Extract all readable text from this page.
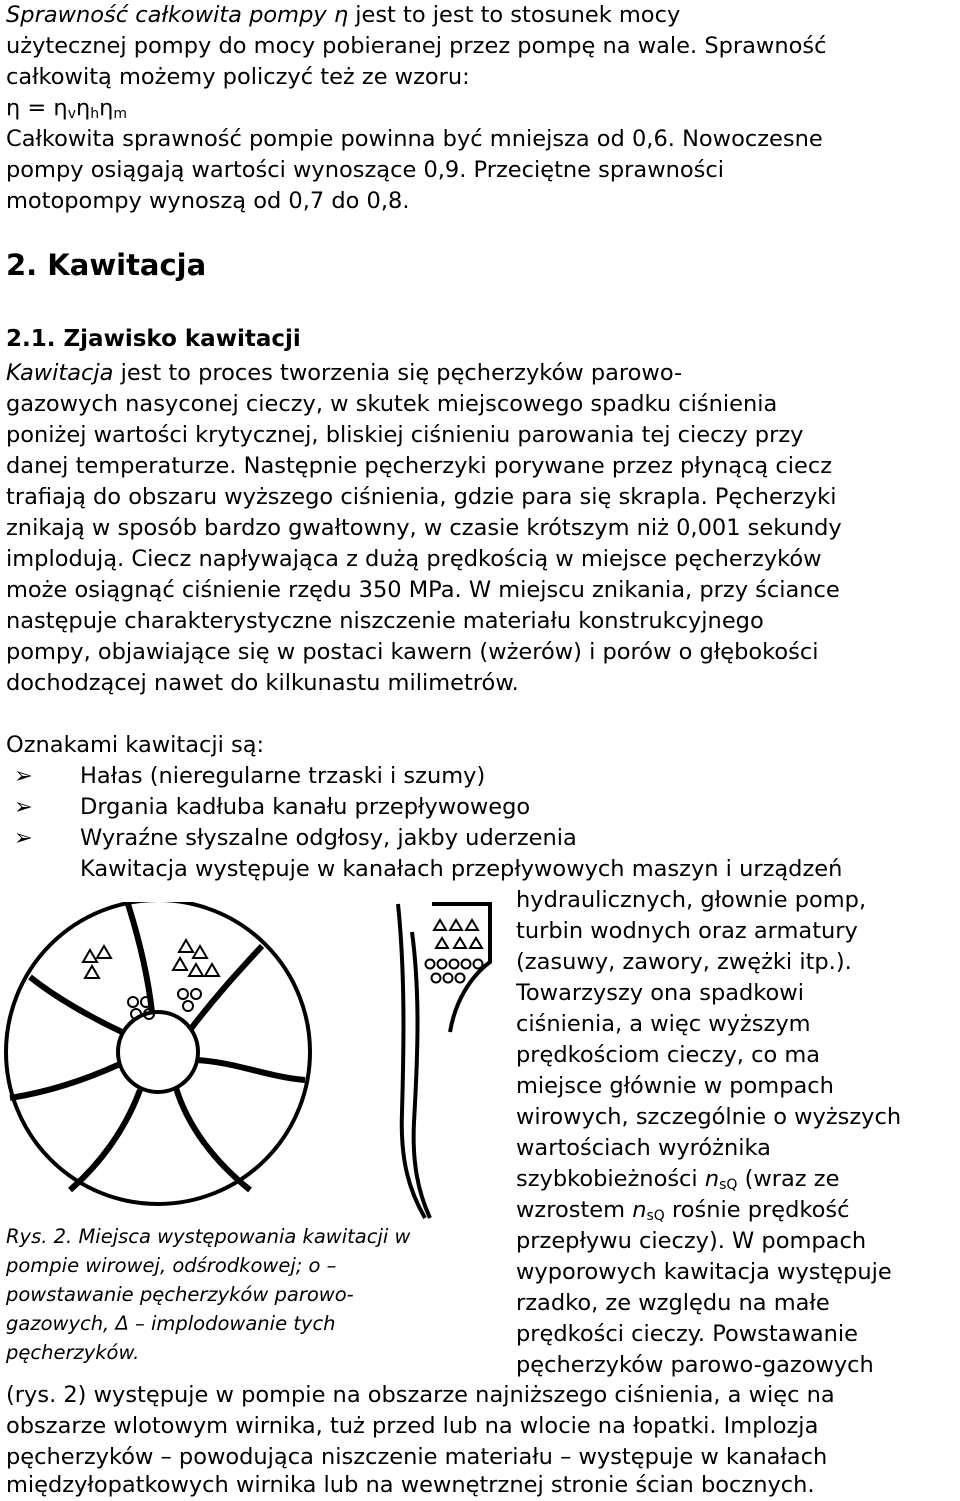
Sprawność całkowita pompy η jest to jest to stosunek mocy
użytecznej pompy do mocy pobieranej przez pompę na wale. Sprawność
całkowitą możemy policzyć też ze wzoru:
$\eta = \eta_v\eta_h\eta_m$
Całkowita sprawność pompie powinna być mniejsza od 0,6. Nowoczesne
pompy osiągają wartości wynoszące 0,9. Przeciętne sprawności
motopompy wynoszą od 0,7 do 0,8.
2. Kawitacja
2.1. Zjawisko kawitacji
Kawitacja jest to proces tworzenia się pęcherzyków parowo-
gazowych nasyconej cieczy, w skutek miejscowego spadku ciśnienia
poniżej wartości krytycznej, bliskiej ciśnieniu parowania tej cieczy przy
danej temperaturze. Następnie pęcherzyki porywane przez płynącą ciecz
trafiają do obszaru wyższego ciśnienia, gdzie para się skrapla. Pęcherzyki
znikają w sposób bardzo gwałtowny, w czasie krótszym niż 0,001 sekundy
implodują. Ciecz napływająca z dużą prędkością w miejsce pęcherzyków
może osiągnąć ciśnienie rzędu 350 MPa. W miejscu znikania, przy ściance
następuje charakterystyczne niszczenie materiału konstrukcyjnego
pompy, objawiające się w postaci kawern (wżerów) i porów o głębokości
dochodzącej nawet do kilkunastu milimetrów.
Oznakami kawitacji są:
➢ Hałas (nieregularne trzaski i szumy)
➢ Drgania kadłuba kanału przepływowego
➢ Wyraźne słyszalne odgłosy, jakby uderzenia
Kawitacja występuje w kanałach przepływowych maszyn i urządzeń
hydraulicznych, głownie pomp,
turbin wodnych oraz armatury
(zasuwy, zawory, zwężki itp.).
Towarzyszy ona spadkowi
ciśnienia, a więc wyższym
prędkościom cieczy, co ma
miejsce głównie w pompach
wirowych, szczególnie o wyższych
wartościach wyróżnika
szybkobieżności $n_{sQ}$ (wraz ze
wzrostem $n_{sQ}$ rośnie prędkość
przepływu cieczy). W pompach
wyporowych kawitacja występuje
rzadko, ze względu na małe
prędkości cieczy. Powstawanie
pęcherzyków parowo-gazowych
(rys. 2) występuje w pompie na obszarze najniższego ciśnienia, a więc na
obszarze wlotowym wirnika, tuż przed lub na wlocie na łopatki. Implozja
pęcherzyków – powodująca niszczenie materiału – występuje w kanałach
międzyłopatkowych wirnika lub na wewnętrznej stronie ścian bocznych.
Rys. 2. Miejsca występowania kawitacji w
pompie wirowej, odśrodkowej; o –
powstawanie pęcherzyków parowo-
gazowych, Δ – implodowanie tych
pęcherzyków.
